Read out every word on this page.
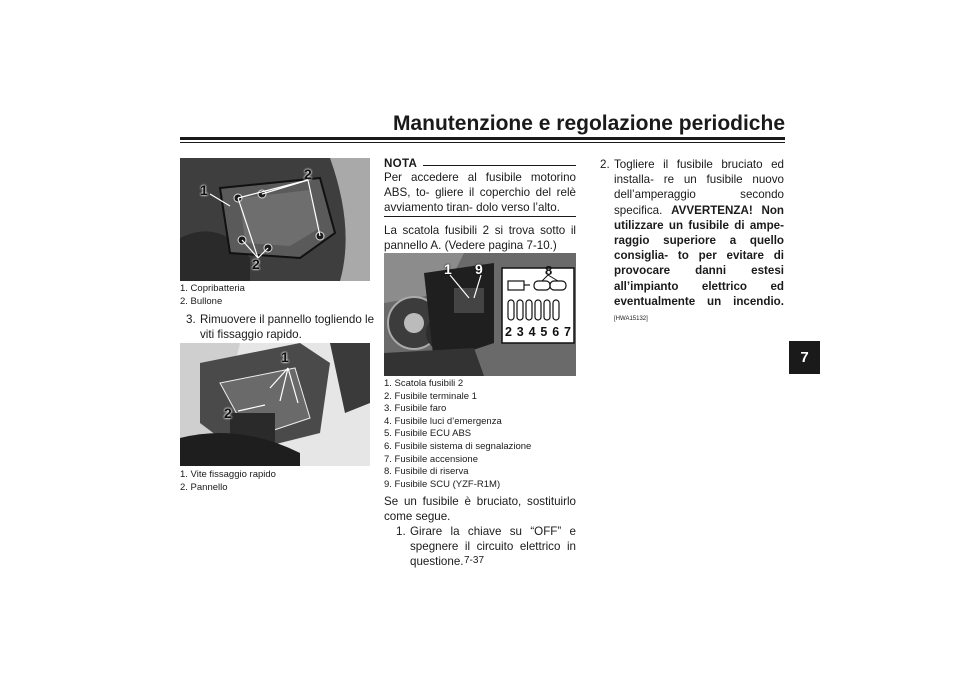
Manutenzione e regolazione periodiche
7
1
2
2
1. Copribatteria
2. Bullone
3. Rimuovere il pannello togliendo le viti fissaggio rapido.
1
2
1. Vite fissaggio rapido
2. Pannello
NOTA
Per accedere al fusibile motorino ABS, to- gliere il coperchio del relè avviamento tiran- dolo verso l’alto.
La scatola fusibili 2 si trova sotto il pannello A. (Vedere pagina 7-10.)
1 9	8
2 3 4 5 6 7
1. Scatola fusibili 2
2. Fusibile terminale 1
3. Fusibile faro
4. Fusibile luci d’emergenza
5. Fusibile ECU ABS
6. Fusibile sistema di segnalazione
7. Fusibile accensione
8. Fusibile di riserva
9. Fusibile SCU (YZF-R1M)
Se un fusibile è bruciato, sostituirlo come segue.
1. Girare la chiave su “OFF” e spegnere il circuito elettrico in questione.
2. Togliere il fusibile bruciato ed installa- re un fusibile nuovo dell’amperaggio secondo specifica. AVVERTENZA! Non utilizzare un fusibile di ampe- raggio superiore a quello consiglia- to per evitare di provocare danni estesi all’impianto elettrico ed eventualmente un incendio. [HWA15132]
7-37
